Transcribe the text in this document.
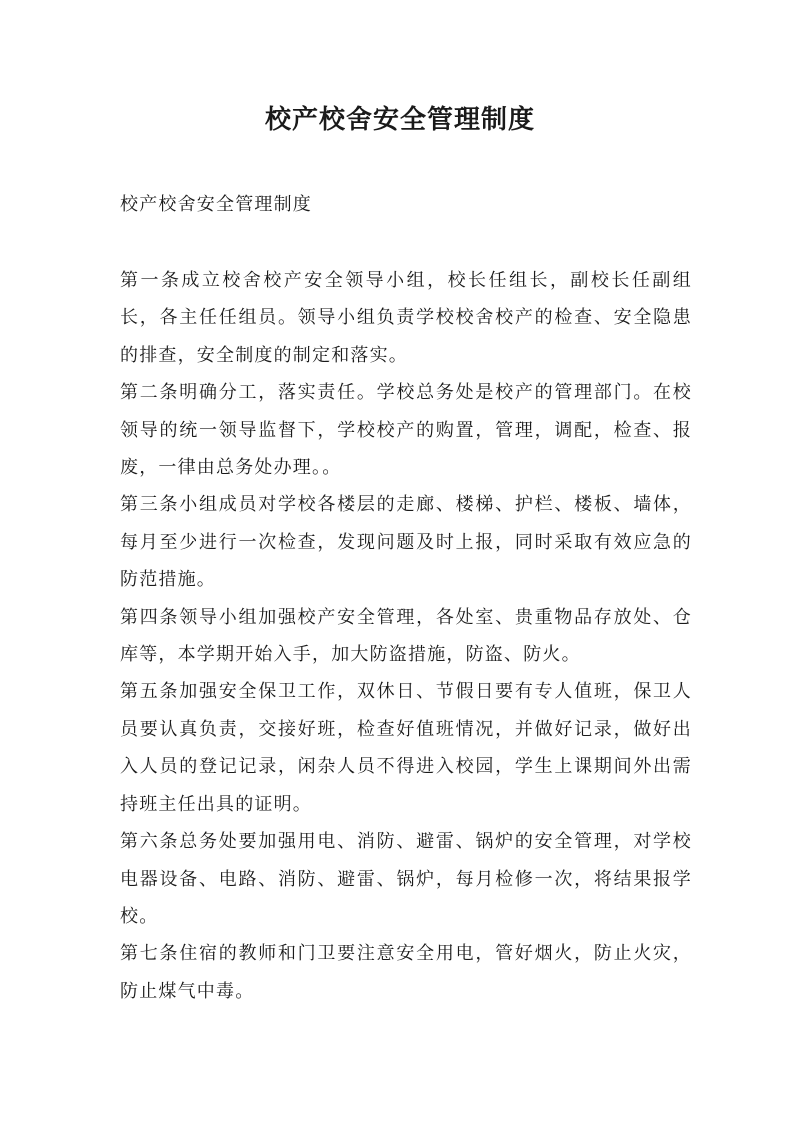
校产校舍安全管理制度

校产校舍安全管理制度

第一条成立校舍校产安全领导小组，校长任组长，副校长任副组长，各主任任组员。领导小组负责学校校舍校产的检查、安全隐患的排查，安全制度的制定和落实。

第二条明确分工，落实责任。学校总务处是校产的管理部门。在校领导的统一领导监督下，学校校产的购置，管理，调配，检查、报废，一律由总务处办理。。

第三条小组成员对学校各楼层的走廊、楼梯、护栏、楼板、墙体，每月至少进行一次检查，发现问题及时上报，同时采取有效应急的防范措施。

第四条领导小组加强校产安全管理，各处室、贵重物品存放处、仓库等，本学期开始入手，加大防盗措施，防盗、防火。

第五条加强安全保卫工作，双休日、节假日要有专人值班，保卫人员要认真负责，交接好班，检查好值班情况，并做好记录，做好出入人员的登记记录，闲杂人员不得进入校园，学生上课期间外出需持班主任出具的证明。

第六条总务处要加强用电、消防、避雷、锅炉的安全管理，对学校电器设备、电路、消防、避雷、锅炉，每月检修一次，将结果报学校。

第七条住宿的教师和门卫要注意安全用电，管好烟火，防止火灾，防止煤气中毒。
